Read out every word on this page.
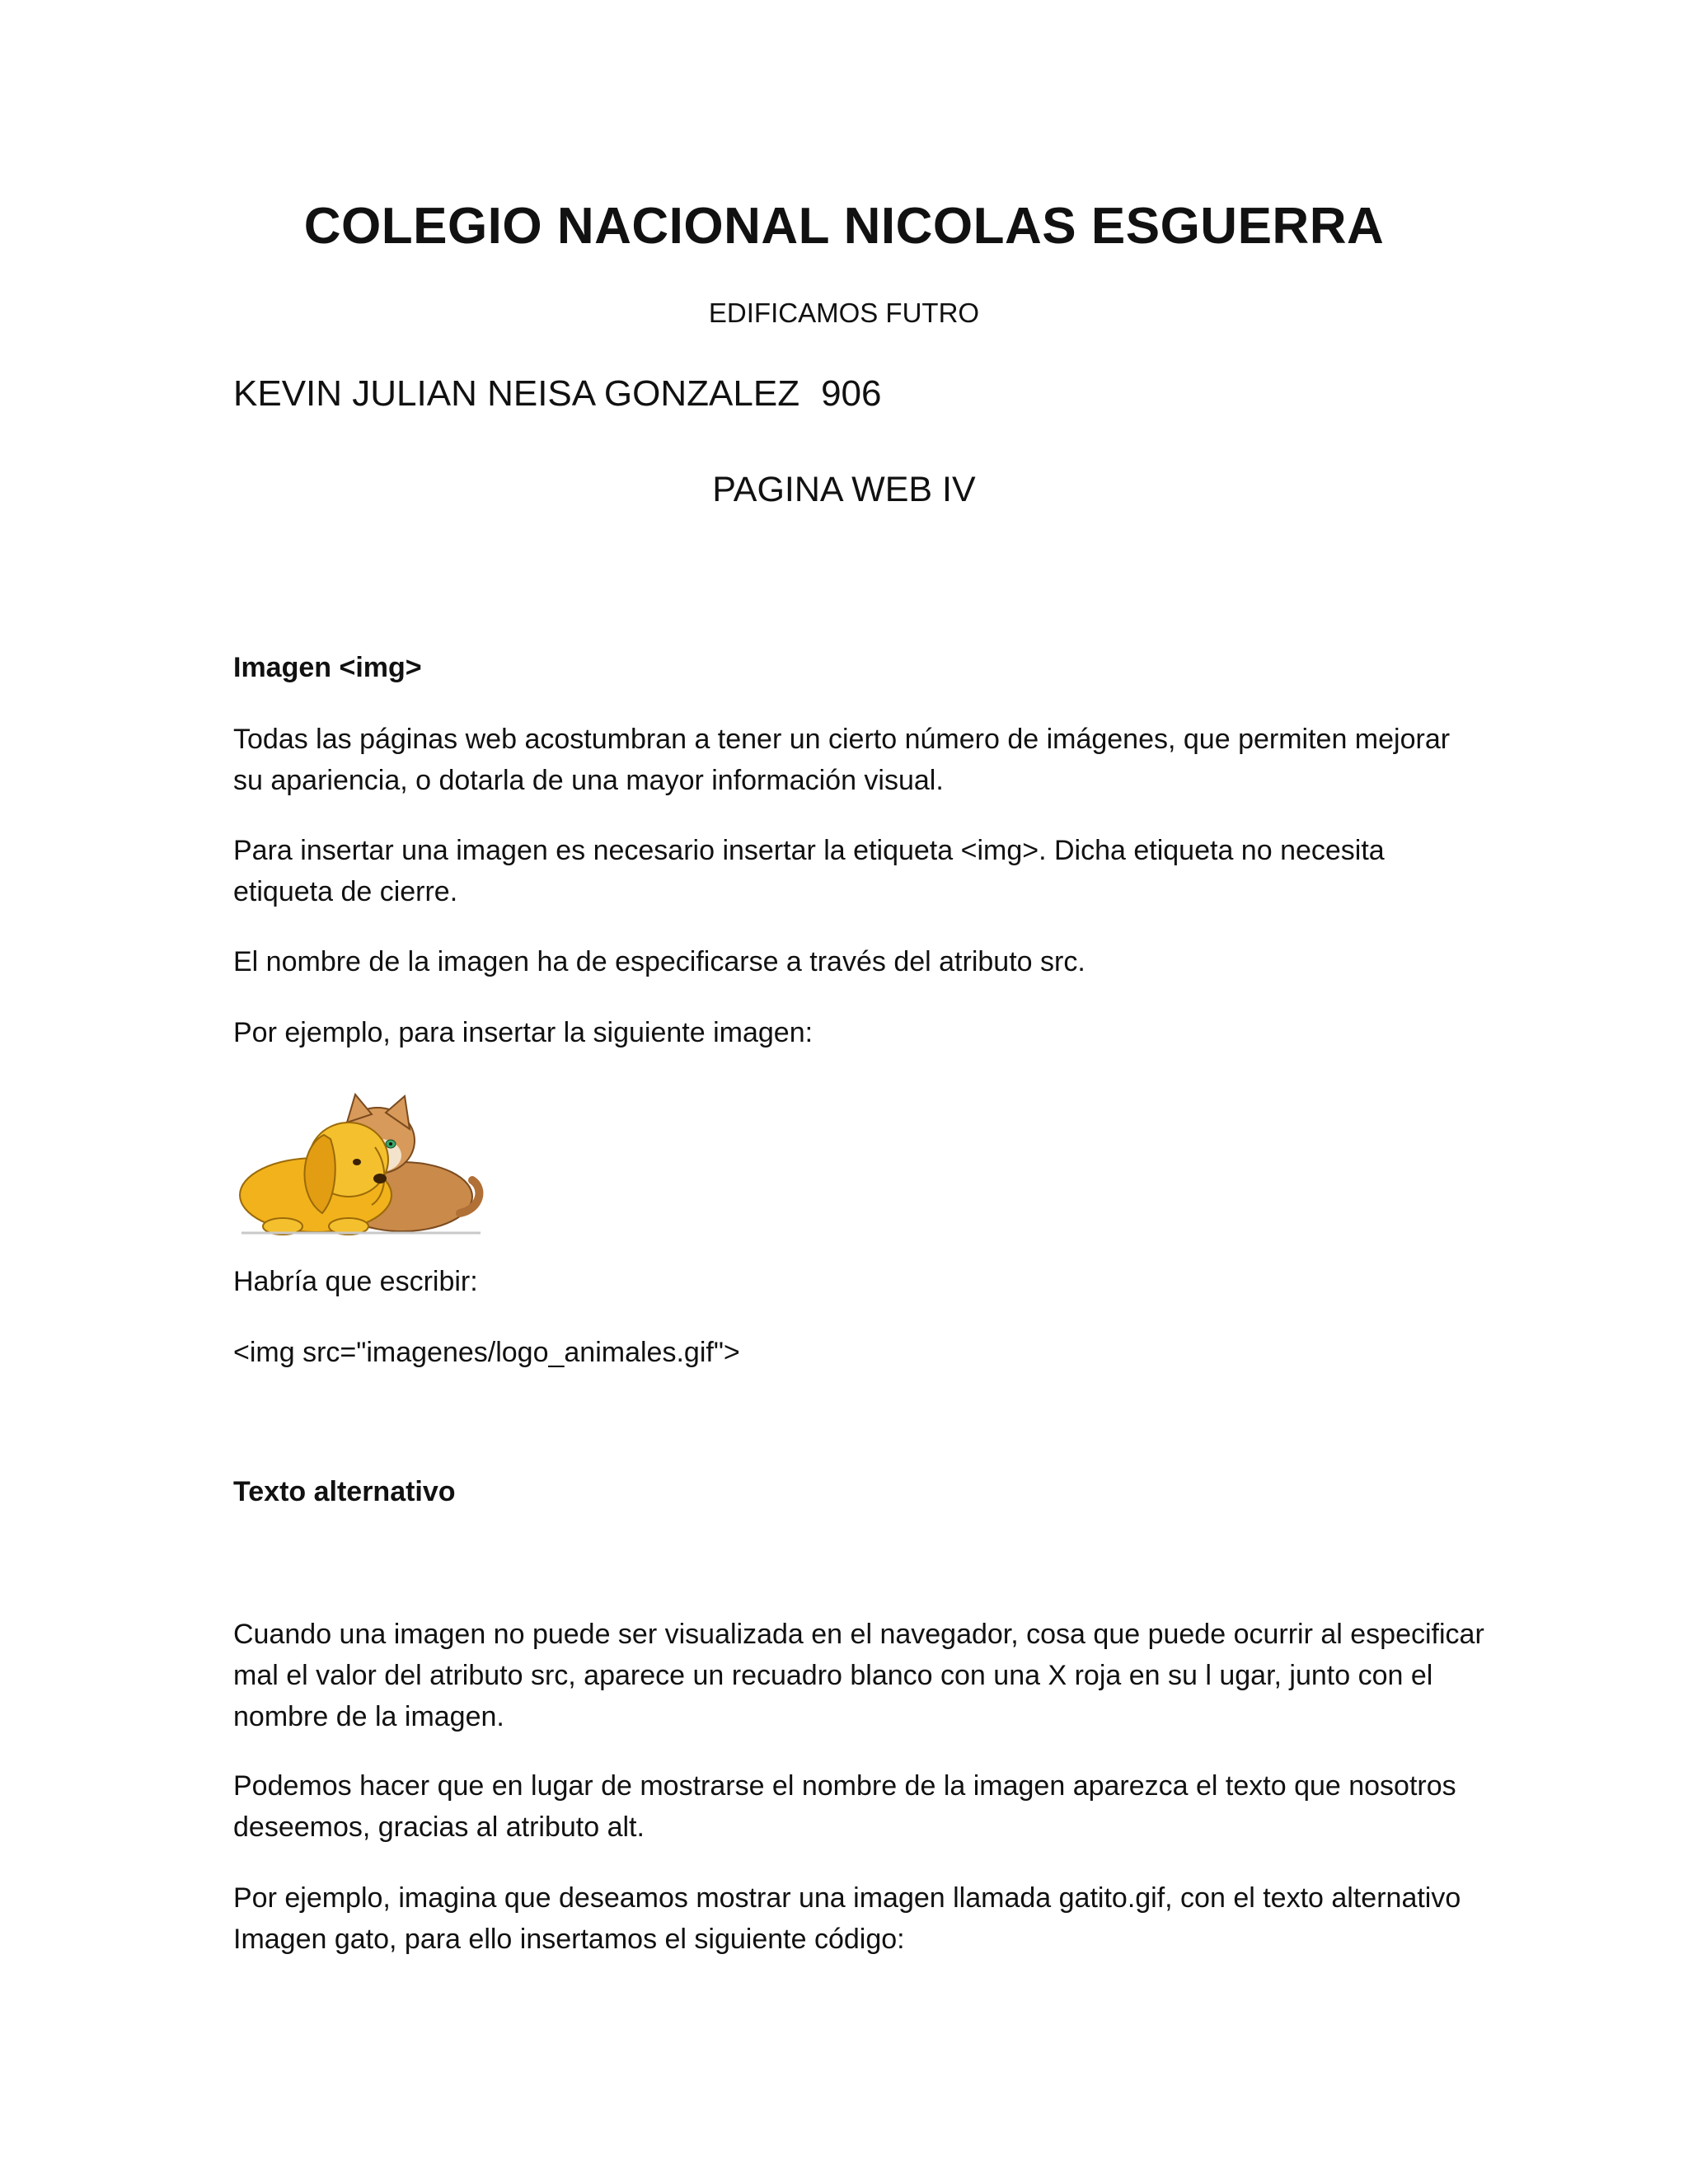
COLEGIO NACIONAL NICOLAS ESGUERRA

EDIFICAMOS FUTRO

KEVIN JULIAN NEISA GONZALEZ 906

PAGINA WEB IV

Imagen <img>

Todas las páginas web acostumbran a tener un cierto número de imágenes, que permiten mejorar su apariencia, o dotarla de una mayor información visual.

Para insertar una imagen es necesario insertar la etiqueta <img>. Dicha etiqueta no necesita etiqueta de cierre.

El nombre de la imagen ha de especificarse a través del atributo src.

Por ejemplo, para insertar la siguiente imagen:

Habría que escribir:

<img src="imagenes/logo_animales.gif">

Texto alternativo

Cuando una imagen no puede ser visualizada en el navegador, cosa que puede ocurrir al especificar mal el valor del atributo src, aparece un recuadro blanco con una X roja en su l ugar, junto con el nombre de la imagen.

Podemos hacer que en lugar de mostrarse el nombre de la imagen aparezca el texto que nosotros deseemos, gracias al atributo alt.

Por ejemplo, imagina que deseamos mostrar una imagen llamada gatito.gif, con el texto alternativo Imagen gato, para ello insertamos el siguiente código:
